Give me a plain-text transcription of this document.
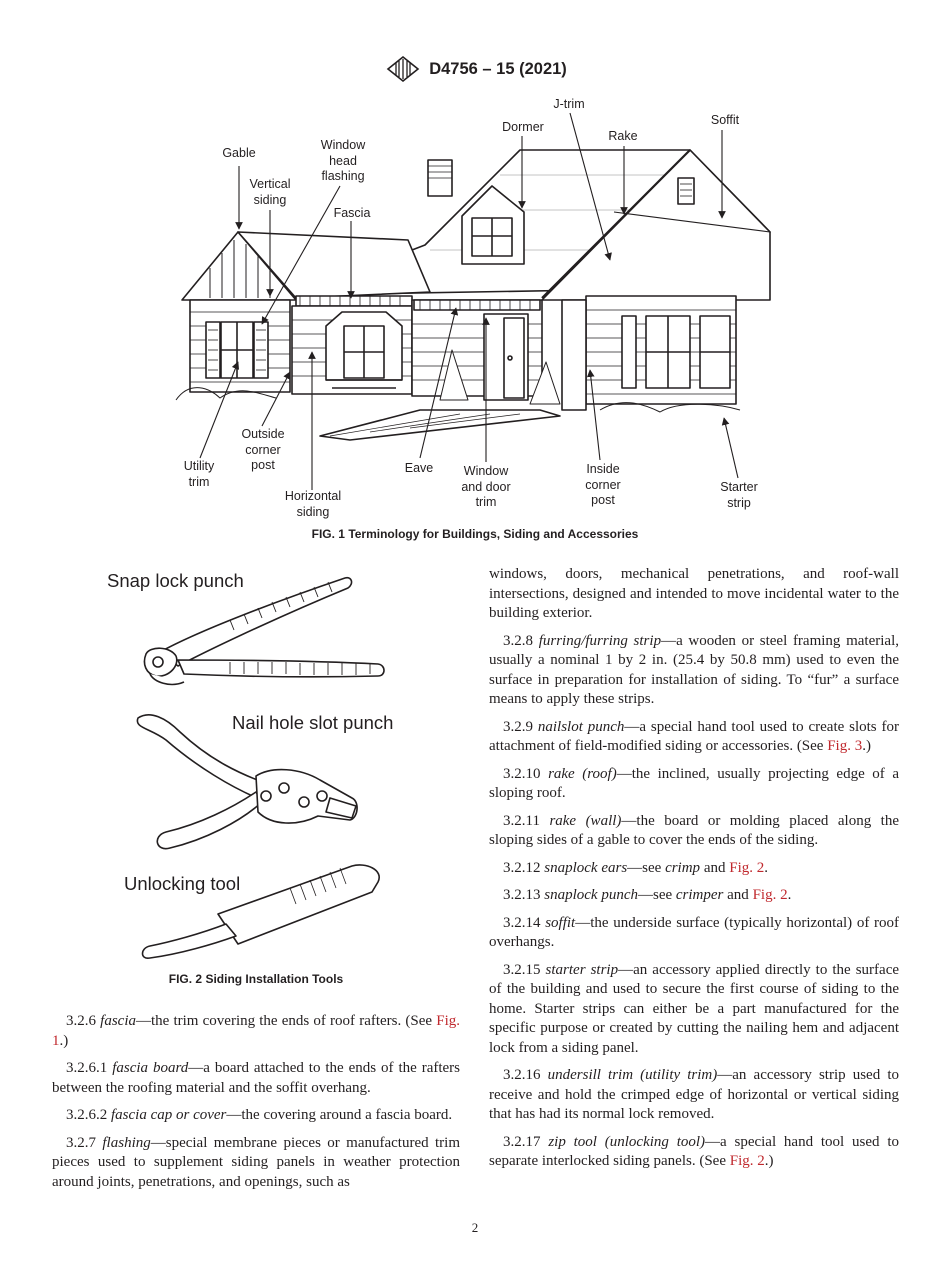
D4756 – 15 (2021)
Gable
Vertical
siding
Window
head
flashing
Fascia
Dormer
J-trim
Rake
Soffit
Utility
trim
Outside
corner
post
Horizontal
siding
Eave	Window
and door
trim
Inside
corner
post
Starter
strip
FIG. 1 Terminology for Buildings, Siding and Accessories
Snap lock punch
Nail hole slot punch
Unlocking tool
FIG. 2 Siding Installation Tools

3.2.6 fascia—the trim covering the ends of roof rafters. (See Fig. 1.)

3.2.6.1 fascia board—a board attached to the ends of the rafters between the roofing material and the soffit overhang.

3.2.6.2 fascia cap or cover—the covering around a fascia board.

3.2.7 flashing—special membrane pieces or manufactured trim pieces used to supplement siding panels in weather protection around joints, penetrations, and openings, such as

windows, doors, mechanical penetrations, and roof-wall intersections, designed and intended to move incidental water to the building exterior.

3.2.8 furring/furring strip—a wooden or steel framing material, usually a nominal 1 by 2 in. (25.4 by 50.8 mm) used to even the surface in preparation for installation of siding. To “fur” a surface means to apply these strips.

3.2.9 nailslot punch—a special hand tool used to create slots for attachment of field-modified siding or accessories. (See Fig. 3.)

3.2.10 rake (roof)—the inclined, usually projecting edge of a sloping roof.

3.2.11 rake (wall)—the board or molding placed along the sloping sides of a gable to cover the ends of the siding.

3.2.12 snaplock ears—see crimp and Fig. 2.

3.2.13 snaplock punch—see crimper and Fig. 2.

3.2.14 soffit—the underside surface (typically horizontal) of roof overhangs.

3.2.15 starter strip—an accessory applied directly to the surface of the building and used to secure the first course of siding to the home. Starter strips can either be a part manufactured for the specific purpose or created by cutting the nailing hem and adjacent lock from a siding panel.

3.2.16 undersill trim (utility trim)—an accessory strip used to receive and hold the crimped edge of horizontal or vertical siding that has had its normal lock removed.

3.2.17 zip tool (unlocking tool)—a special hand tool used to separate interlocked siding panels. (See Fig. 2.)

2
